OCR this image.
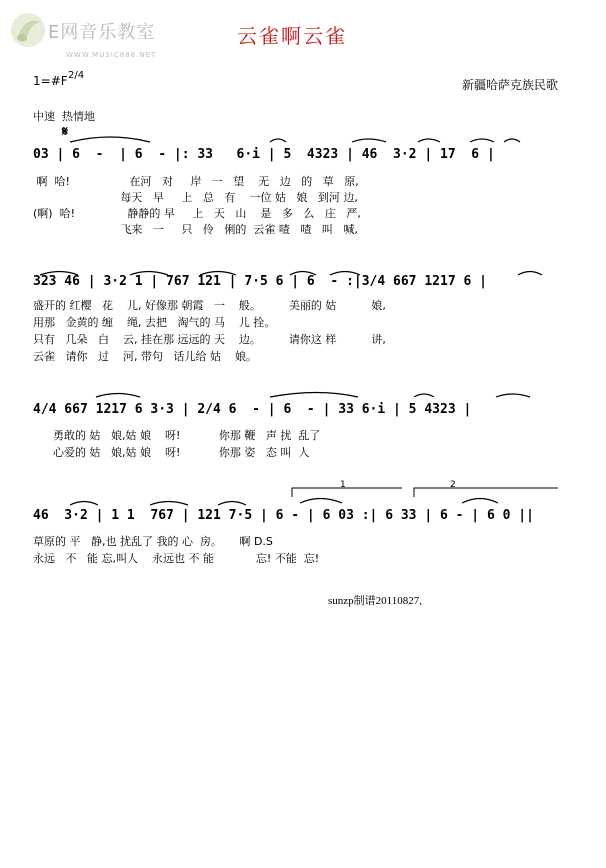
E网音乐教室

WWW.MUSIC888.NET

云雀啊云雀
1=#F 2/4
新疆哈萨克族民歌
中速  热情地
𝄋
1	2
03 | 6  -  | 6  - |: 33   6·i | 5  4323 | 46  3·2 | 17  6 |
啊  哈!                 在河   对     岸   一   望    无   边   的   草   原,
每天   早     上   总   有    一位 姑   娘   到河 边,
(啊)  哈!               静静的 早     上   天   山    是   多   么   庄   严,
飞来   一     只   伶   俐的  云雀 喳   喳   叫   喊,
323 46 | 3·2 1 | 767 121 | 7·5 6 | 6  - :|3/4 667 1217 6 |
盛开的 红樱   花    儿, 好像那 朝霞   一    般。        美丽的 姑          娘,
用那   金黄的 缠    绳, 去把   淘气的 马    儿 拴。
只有   几朵   白    云, 挂在那 远远的 天    边。        请你这 样          讲,
云雀   请你   过    河, 带句   话儿给 姑    娘。
4/4 667 1217 6 3·3 | 2/4 6  - | 6  - | 33 6·i | 5 4323 |
勇敢的 姑   娘,姑 娘    呀!           你那 鞭   声 扰  乱了
心爱的 姑   娘,姑 娘    呀!           你那 姿   态 叫  人
46  3·2 | 1 1  767 | 121 7·5 | 6 - | 6 03 :| 6 33 | 6 - | 6 0 ||
草原的 平   静,也 扰乱了 我的 心  房。     啊 D.S
永远   不   能 忘,叫人    永远也 不 能            忘! 不能  忘!
sunzp制谱20110827,
